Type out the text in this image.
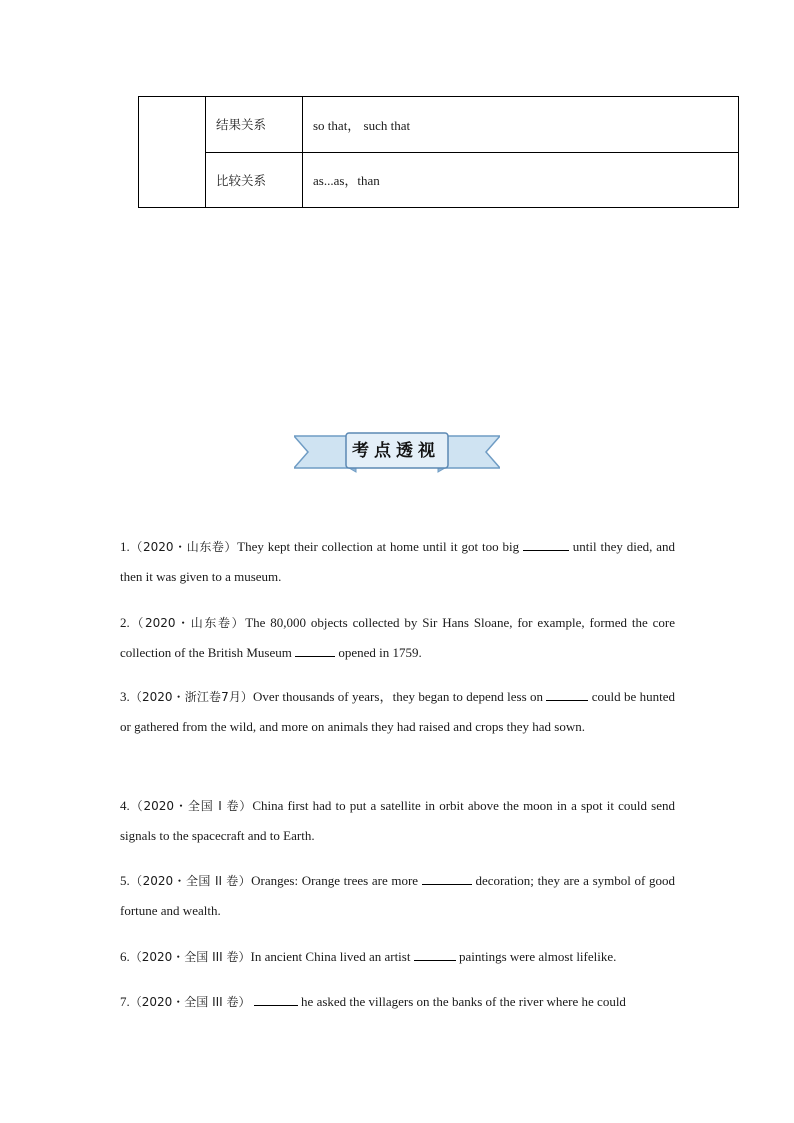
	结果关系	so that， such that
	比较关系	as...as，than
考点透视
1.（2020・山东卷）They kept their collection at home until it got too big	until they died, and then it was given to a museum.
2.（2020・山东卷）The 80,000 objects collected by Sir Hans Sloane, for example, formed the core collection of the British Museum	opened in 1759.
3.（2020・浙江卷7月）Over thousands of years，they began to depend less on	could be hunted or gathered from the wild, and more on animals they had raised and crops they had sown.
4.（2020・全国 I 卷）China first had to put a satellite in orbit above the moon in a spot it could send signals to the spacecraft and to Earth.
5.（2020・全国 II 卷）Oranges: Orange trees are more	decoration; they are a symbol of good fortune and wealth.
6.（2020・全国 III 卷）In ancient China lived an artist	paintings were almost lifelike.
7.（2020・全国 III 卷）	he asked the villagers on the banks of the river where he could
